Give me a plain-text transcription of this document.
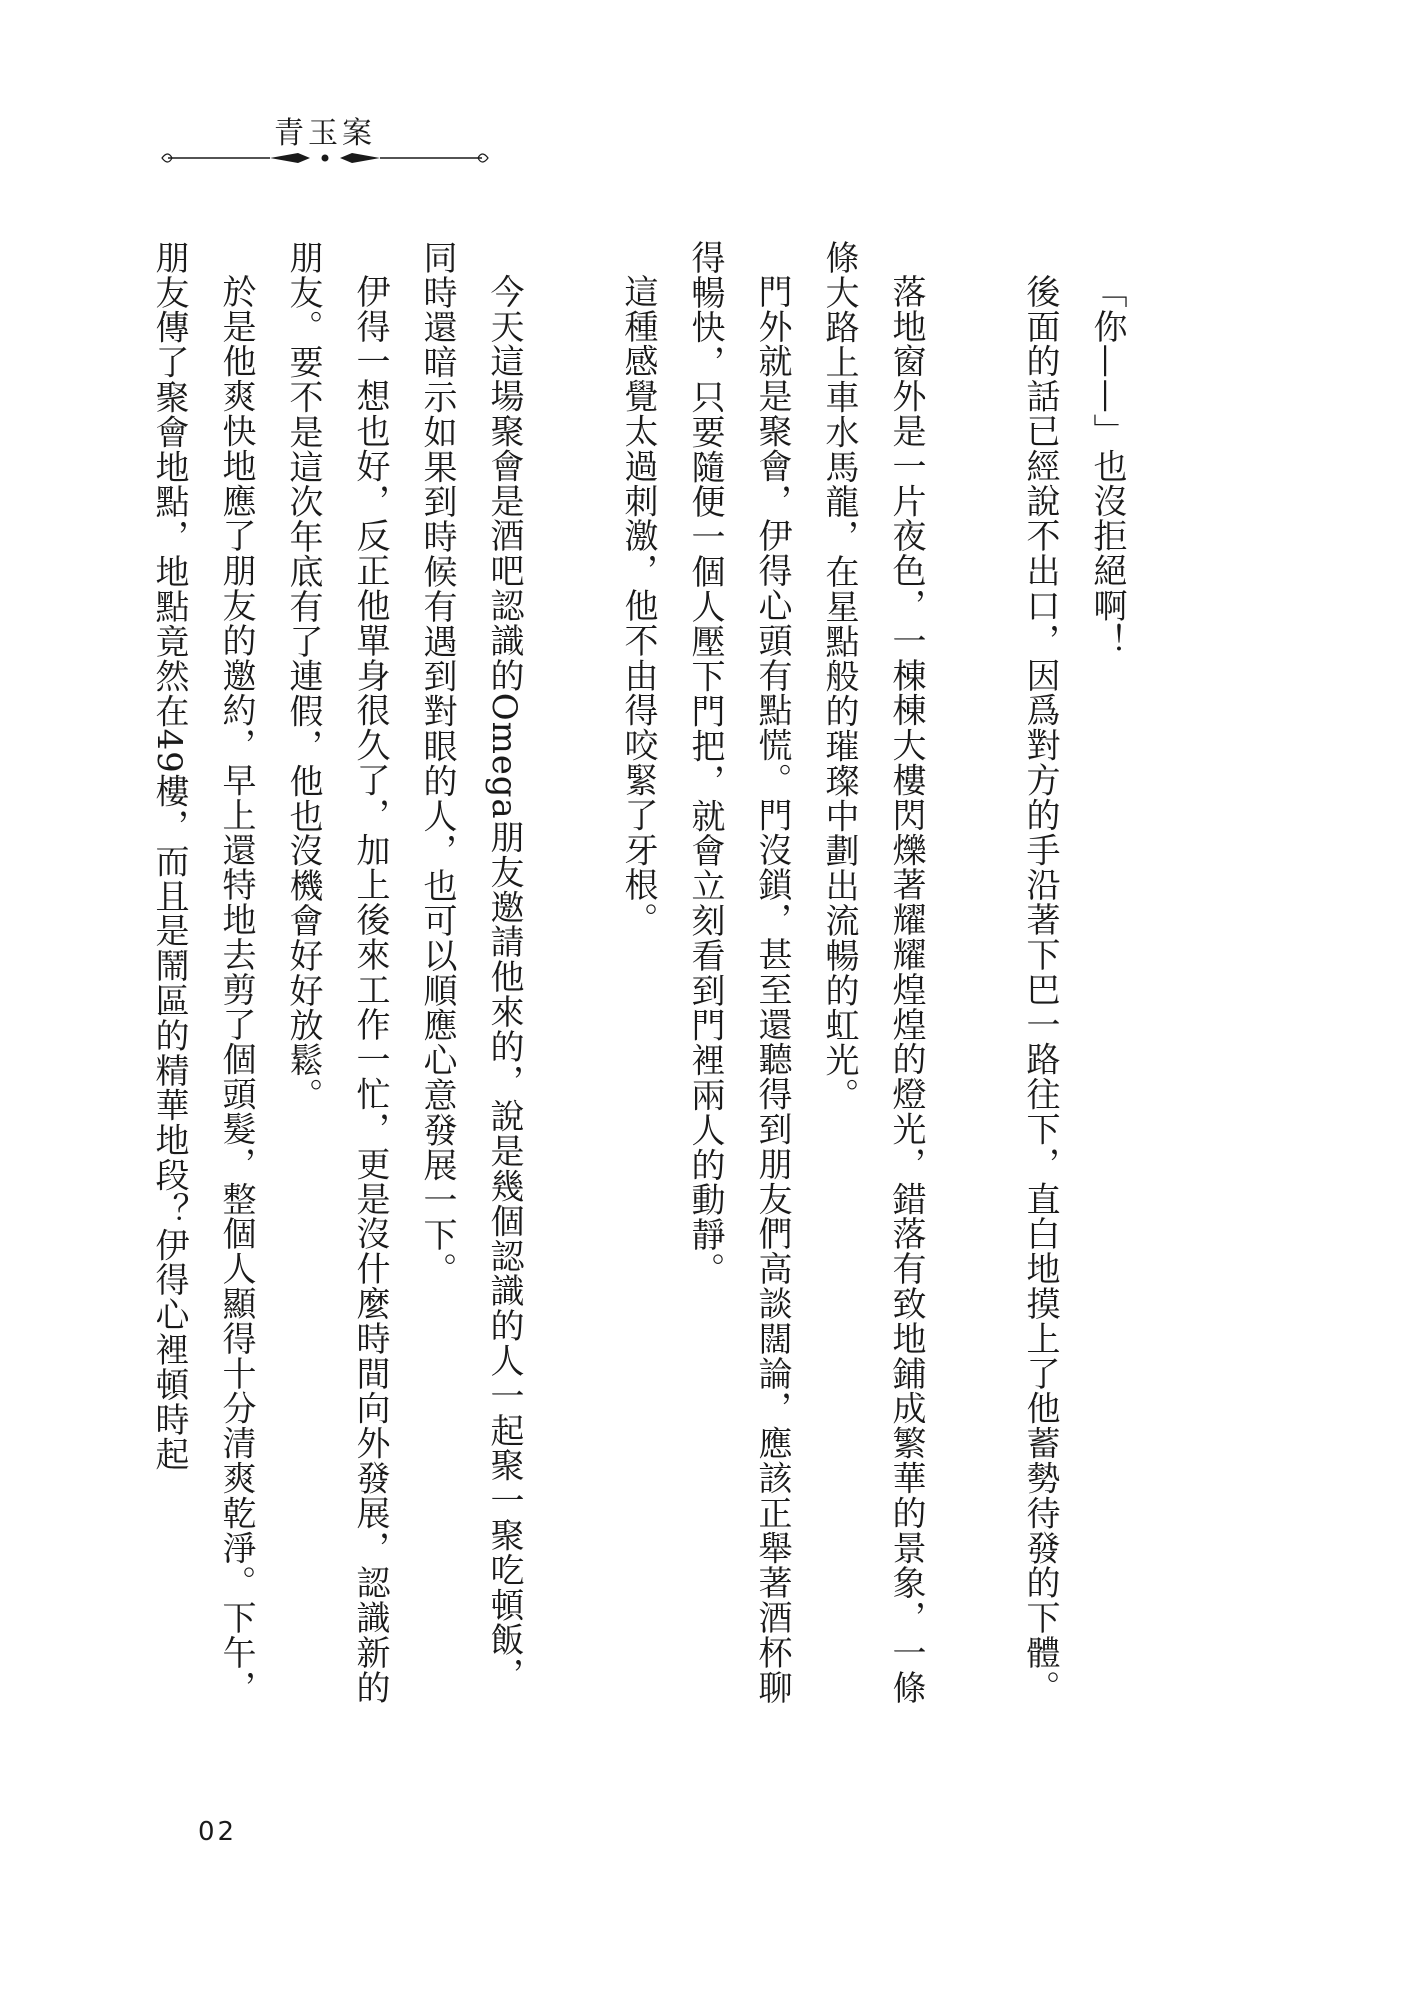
青玉案

「你——」也沒拒絕啊！

後面的話已經說不出口，因爲對方的手沿著下巴一路往下，直白地摸上了他蓄勢待發的下體。

落地窗外是一片夜色，一棟棟大樓閃爍著耀耀煌煌的燈光，錯落有致地鋪成繁華的景象，一條條大路上車水馬龍，在星點般的璀璨中劃出流暢的虹光。

門外就是聚會，伊得心頭有點慌。門沒鎖，甚至還聽得到朋友們高談闊論，應該正舉著酒杯聊得暢快，只要隨便一個人壓下門把，就會立刻看到門裡兩人的動靜。

這種感覺太過刺激，他不由得咬緊了牙根。

今天這場聚會是酒吧認識的Omega朋友邀請他來的，說是幾個認識的人一起聚一聚吃頓飯，同時還暗示如果到時候有遇到對眼的人，也可以順應心意發展一下。

伊得一想也好，反正他單身很久了，加上後來工作一忙，更是沒什麼時間向外發展，認識新的朋友。要不是這次年底有了連假，他也沒機會好好放鬆。

於是他爽快地應了朋友的邀約，早上還特地去剪了個頭髮，整個人顯得十分清爽乾淨。下午，朋友傳了聚會地點，地點竟然在49樓，而且是鬧區的精華地段？伊得心裡頓時起

02
